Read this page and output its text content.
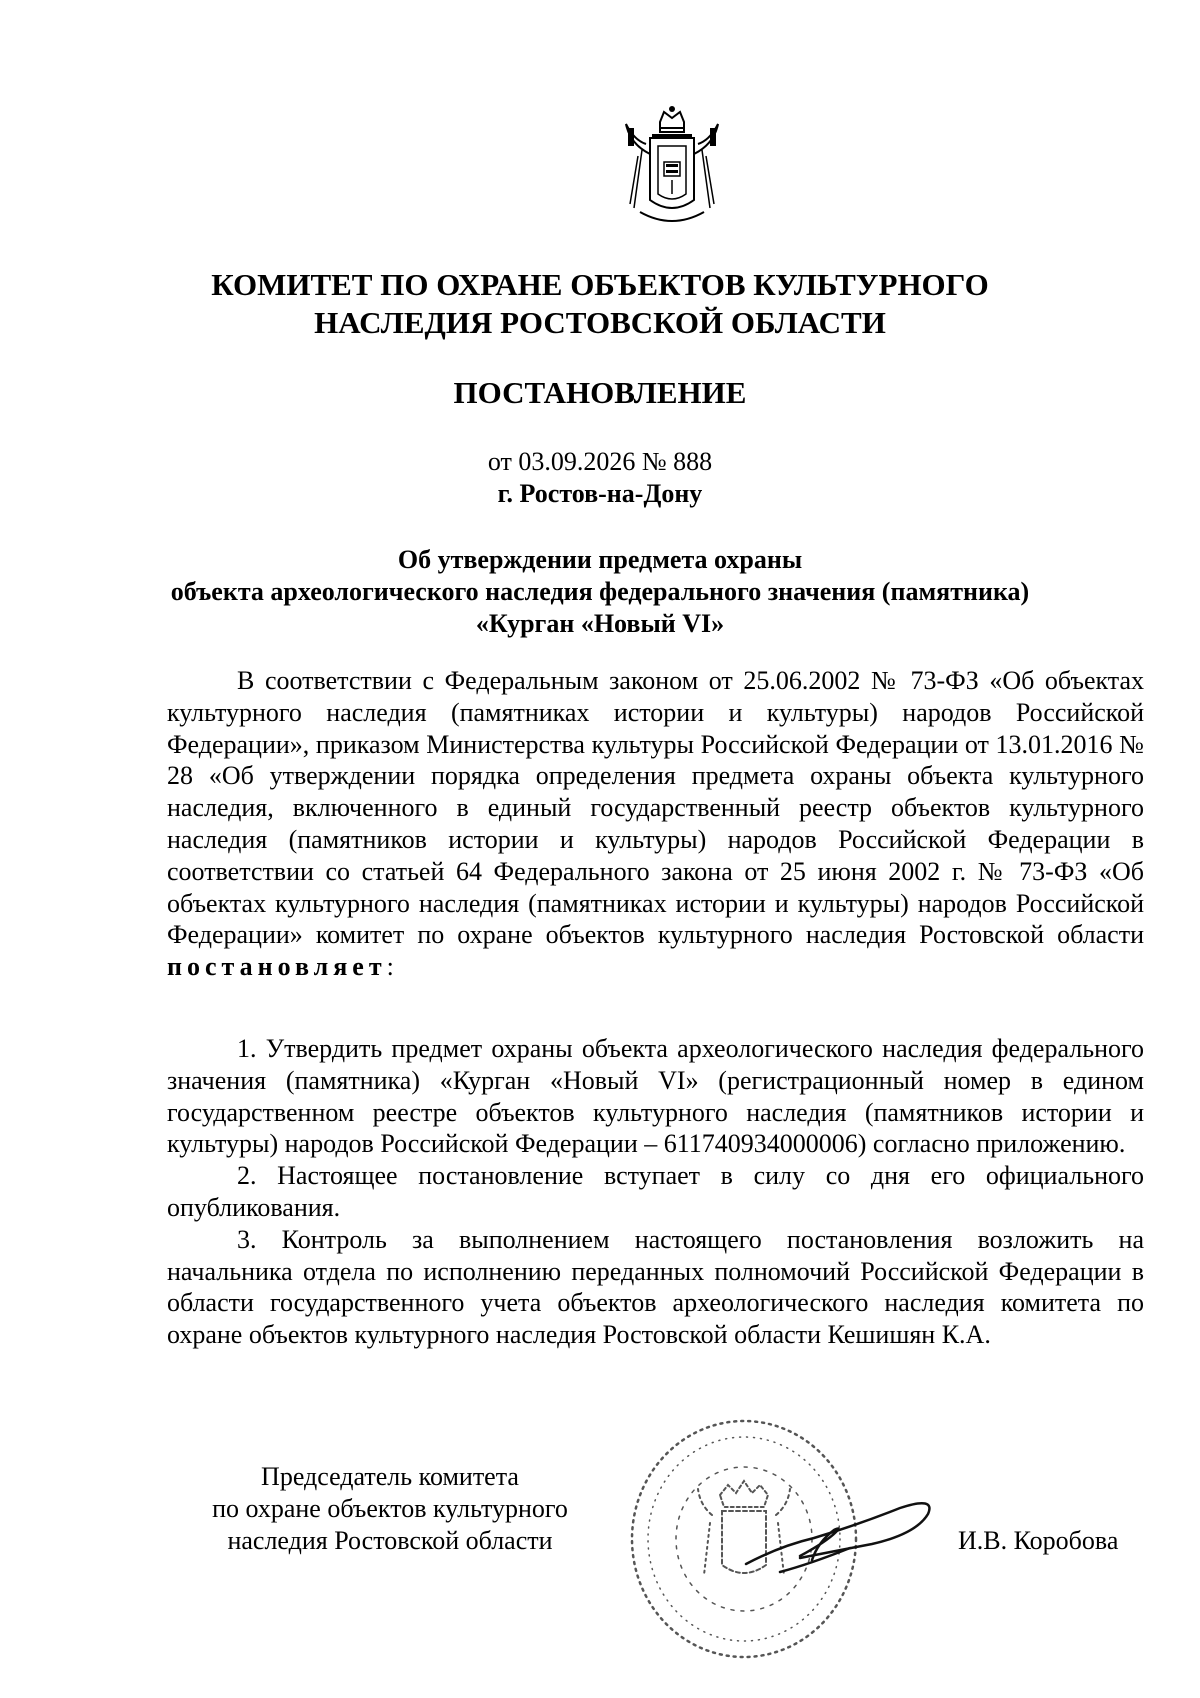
КОМИТЕТ ПО ОХРАНЕ ОБЪЕКТОВ КУЛЬТУРНОГО
НАСЛЕДИЯ РОСТОВСКОЙ ОБЛАСТИ
ПОСТАНОВЛЕНИЕ
от 03.09.2026 № 888
г. Ростов-на-Дону
Об утверждении предмета охраны
объекта археологического наследия федерального значения (памятника)
«Курган «Новый VI»

В соответствии с Федеральным законом от 25.06.2002 № 73-ФЗ «Об объектах культурного наследия (памятниках истории и культуры) народов Российской Федерации», приказом Министерства культуры Российской Федерации от 13.01.2016 № 28 «Об утверждении порядка определения предмета охраны объекта культурного наследия, включенного в единый государственный реестр объектов культурного наследия (памятников истории и культуры) народов Российской Федерации в соответствии со статьей 64 Федерального закона от 25 июня 2002 г. № 73-ФЗ «Об объектах культурного наследия (памятниках истории и культуры) народов Российской Федерации» комитет по охране объектов культурного наследия Ростовской области постановляет:

1. Утвердить предмет охраны объекта археологического наследия федерального значения (памятника) «Курган «Новый VI» (регистрационный номер в едином государственном реестре объектов культурного наследия (памятников истории и культуры) народов Российской Федерации – 611740934000006) согласно приложению.

2. Настоящее постановление вступает в силу со дня его официального опубликования.

3. Контроль за выполнением настоящего постановления возложить на начальника отдела по исполнению переданных полномочий Российской Федерации в области государственного учета объектов археологического наследия комитета по охране объектов культурного наследия Ростовской области Кешишян К.А.

Председатель комитета
по охране объектов культурного
наследия Ростовской области	И.В. Коробова
